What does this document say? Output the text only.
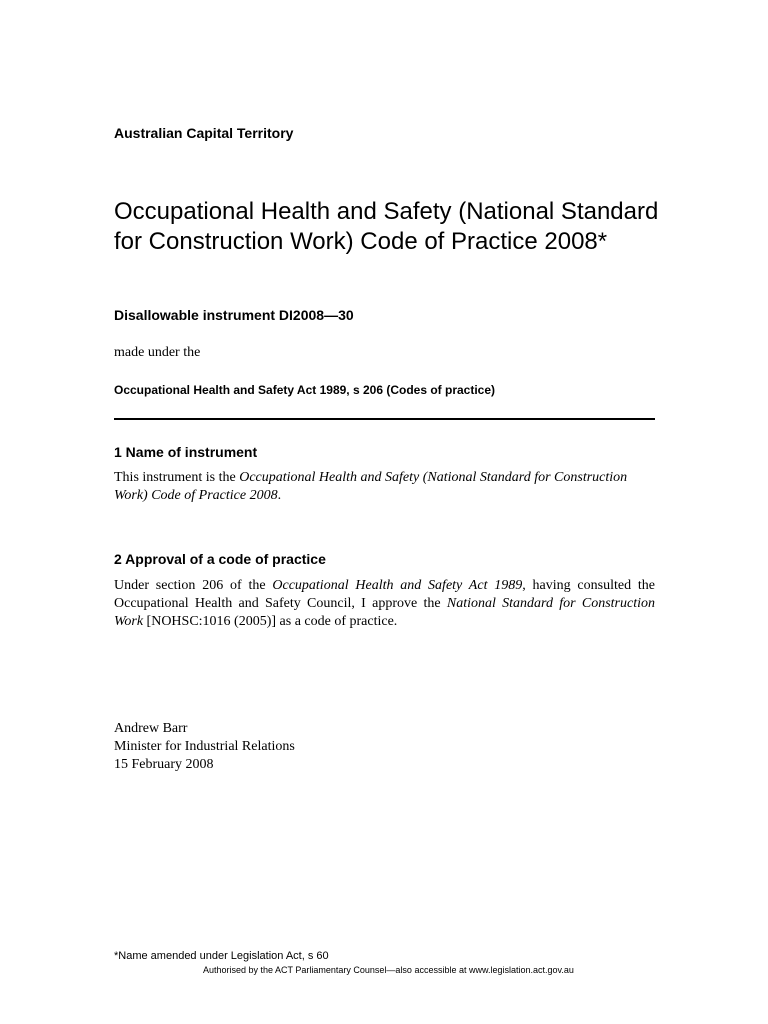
Australian Capital Territory
Occupational Health and Safety (National Standard for Construction Work) Code of Practice 2008*
Disallowable instrument DI2008—30
made under the
Occupational Health and Safety Act 1989, s 206 (Codes of practice)
1 Name of instrument

This instrument is the Occupational Health and Safety (National Standard for Construction Work) Code of Practice 2008.

2 Approval of a code of practice

Under section 206 of the Occupational Health and Safety Act 1989, having consulted the Occupational Health and Safety Council, I approve the National Standard for Construction Work [NOHSC:1016 (2005)] as a code of practice.

Andrew Barr
Minister for Industrial Relations
15 February 2008
*Name amended under Legislation Act, s 60
Authorised by the ACT Parliamentary Counsel—also accessible at www.legislation.act.gov.au
